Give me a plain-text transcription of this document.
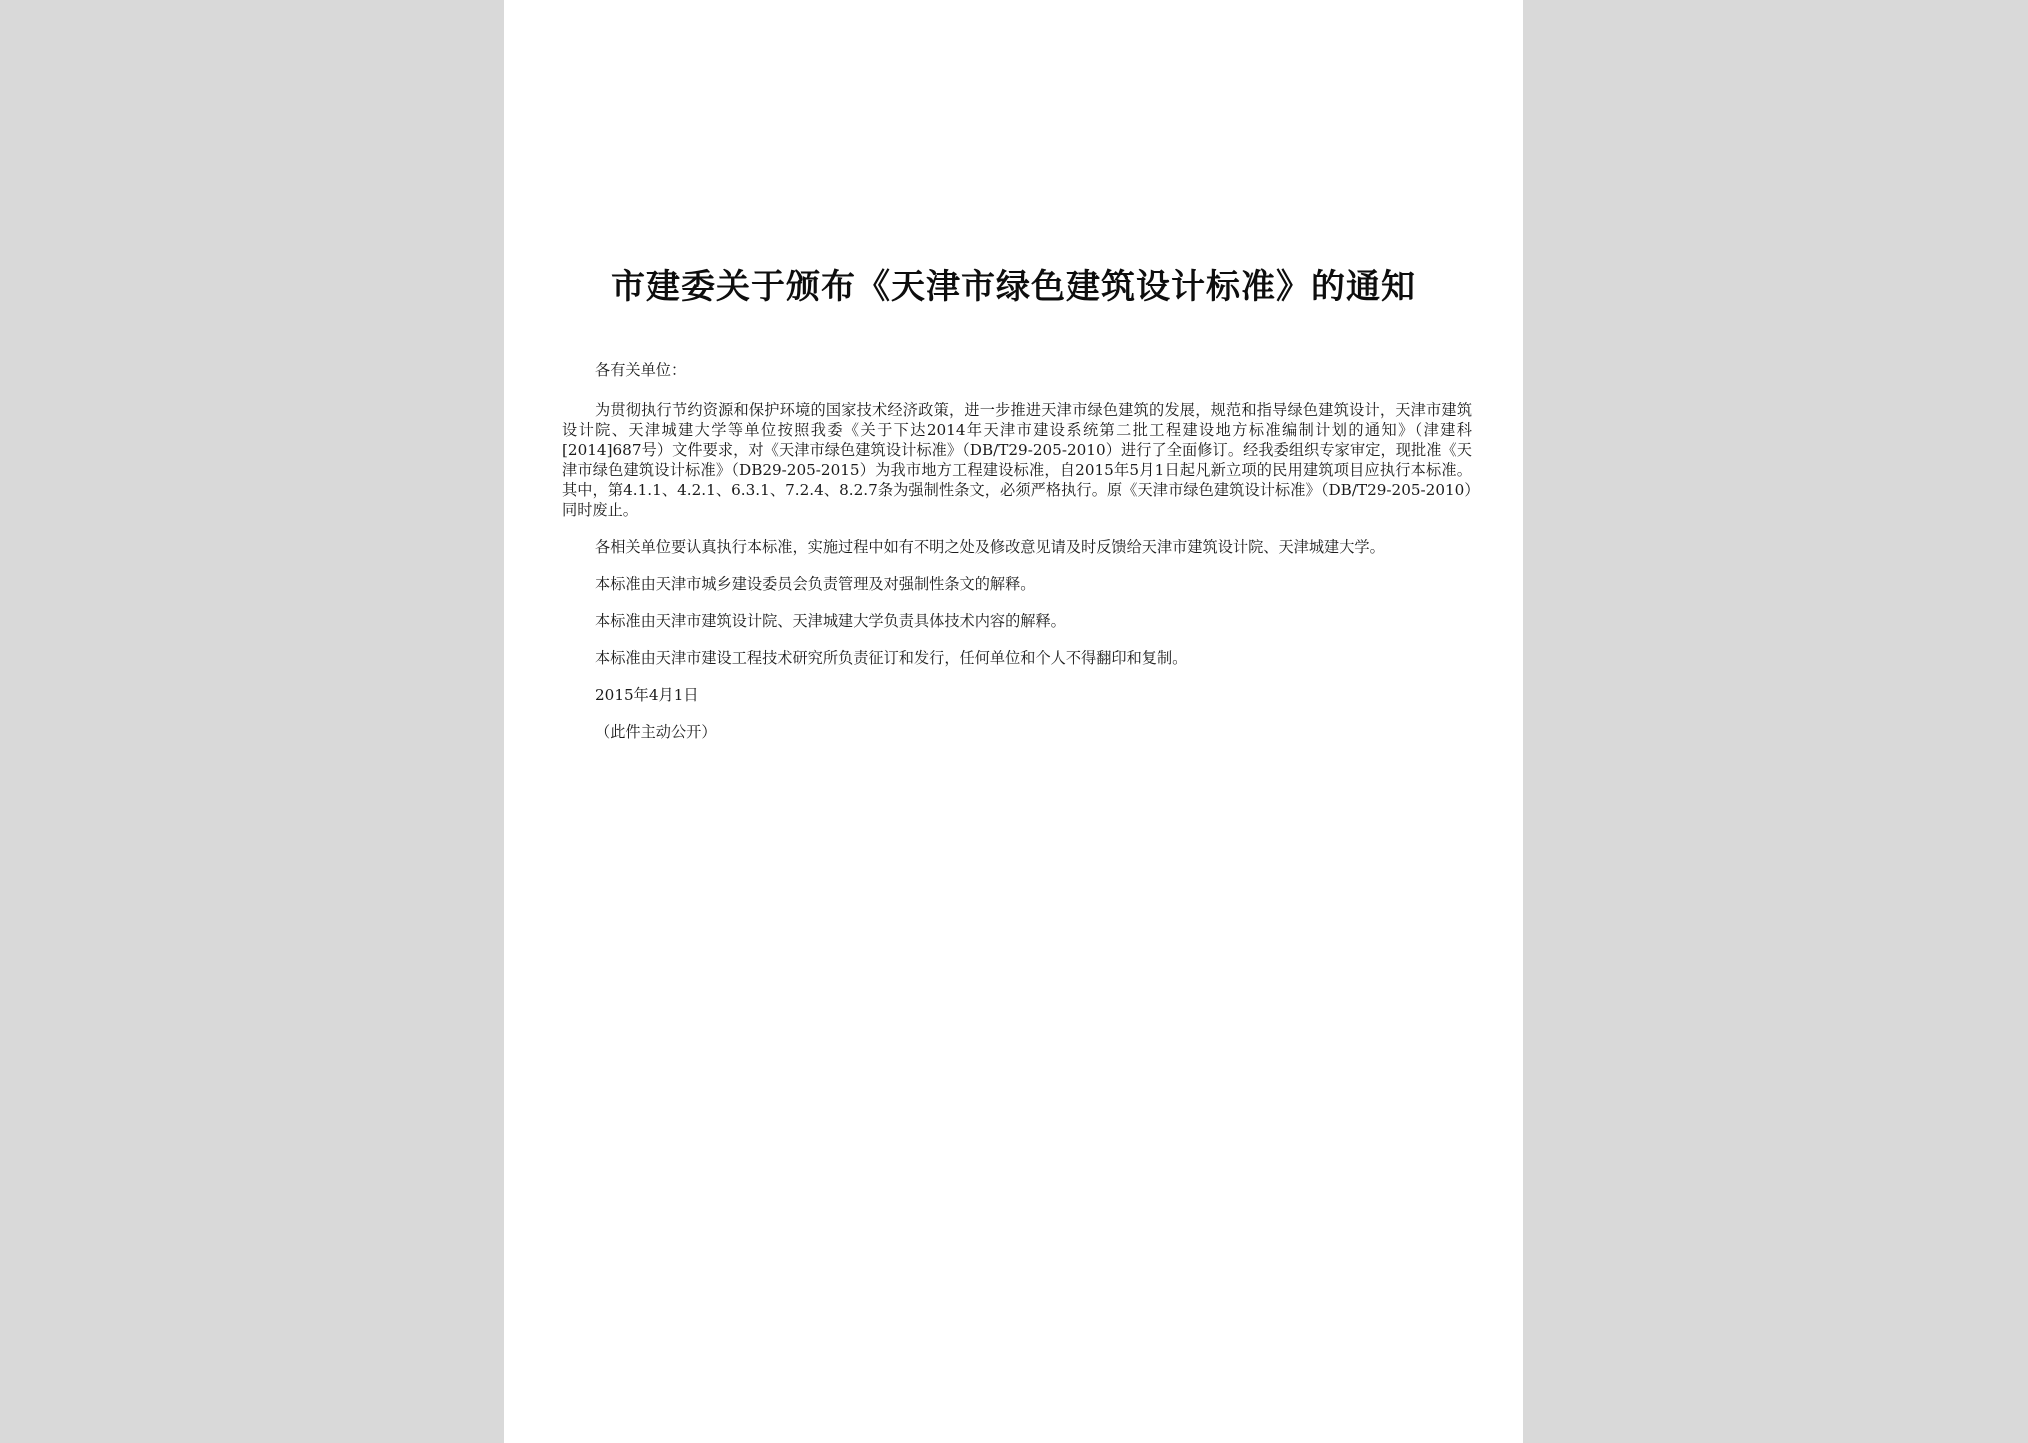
市建委关于颁布《天津市绿色建筑设计标准》的通知

各有关单位：

为贯彻执行节约资源和保护环境的国家技术经济政策，进一步推进天津市绿色建筑的发展，规范和指导绿色建筑设计，天津市建筑设计院、天津城建大学等单位按照我委《关于下达2014年天津市建设系统第二批工程建设地方标准编制计划的通知》（津建科[2014]687号）文件要求，对《天津市绿色建筑设计标准》（DB/T29-205-2010）进行了全面修订。经我委组织专家审定，现批准《天津市绿色建筑设计标准》（DB29-205-2015）为我市地方工程建设标准，自2015年5月1日起凡新立项的民用建筑项目应执行本标准。其中，第4.1.1、4.2.1、6.3.1、7.2.4、8.2.7条为强制性条文，必须严格执行。原《天津市绿色建筑设计标准》（DB/T29-205-2010）同时废止。

各相关单位要认真执行本标准，实施过程中如有不明之处及修改意见请及时反馈给天津市建筑设计院、天津城建大学。

本标准由天津市城乡建设委员会负责管理及对强制性条文的解释。

本标准由天津市建筑设计院、天津城建大学负责具体技术内容的解释。

本标准由天津市建设工程技术研究所负责征订和发行，任何单位和个人不得翻印和复制。

2015年4月1日

（此件主动公开）
